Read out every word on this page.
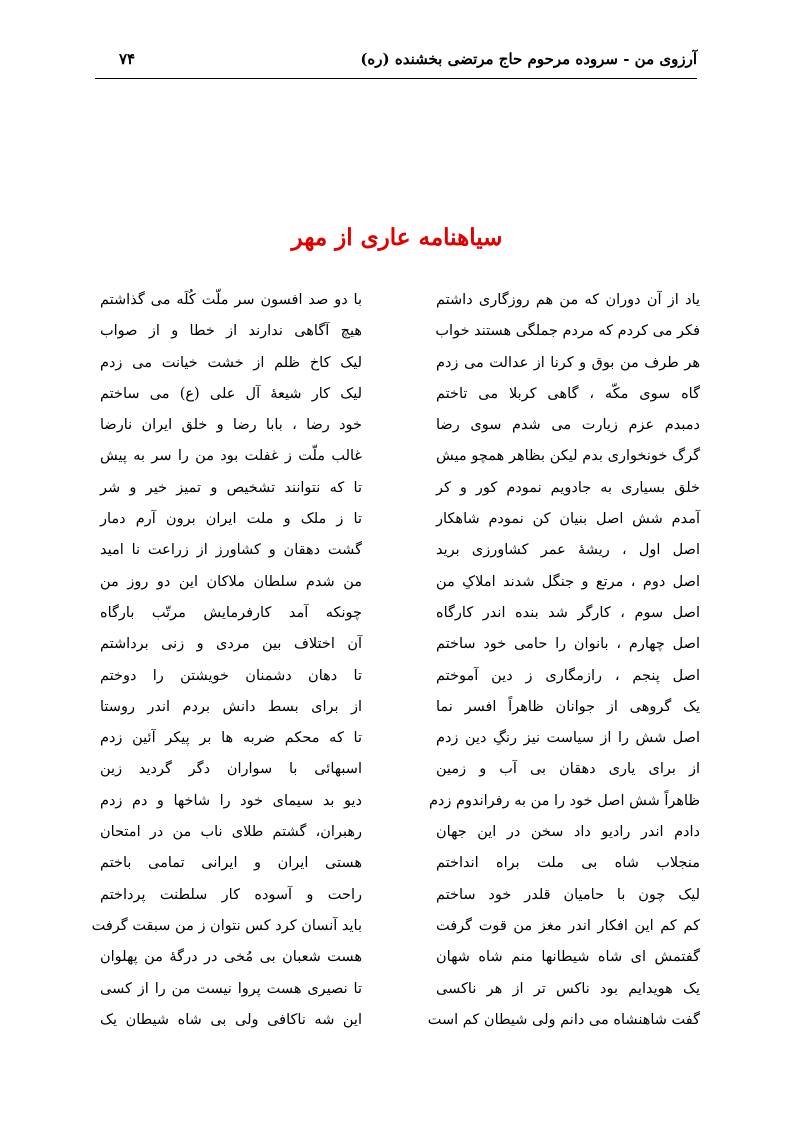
آرزوی من - سروده مرحوم حاج مرتضی بخشنده (ره)
۷۴
سیاهنامه عاری از مهر
یاد از آن دوران که من هم روزگاری داشتم
فکر می کردم که مردم جملگی هستند خواب
هر طرف من بوق و کرنا از عدالت می زدم
گاه سوی مکّه ، گاهی کربلا می تاختم
دمبدم عزم زیارت می شدم سوی رضا
گرگ خونخواری بدم لیکن بظاهر همچو میش
خلق بسیاری به جادویم نمودم کور و کر
آمدم شش اصل بنیان کن نمودم شاهکار
اصل اول ، ریشهٔ عمر کشاورزی برید
اصل دوم ، مرتع و جنگل شدند املاکِ من
اصل سوم ، کارگر شد بنده اندر کارگاه
اصل چهارم ، بانوان را حامی خود ساختم
اصل پنجم ، رازمگاری ز دین آموختم
یک گروهی از جوانان ظاهراً افسر نما
اصل شش را از سیاست نیز رنگِ دین زدم
از برای یاری دهقان بی آب و زمین
ظاهراً شش اصل خود را من به رفراندوم زدم
دادم اندر رادیو داد سخن در این جهان
منجلاب شاه بی ملت براه انداختم
لیک چون با حامیان قلدر خود ساختم
کم کم این افکار اندر مغز من قوت گرفت
گفتمش ای شاه شیطانها منم شاه شهان
یک هویدایم بود ناکس تر از هر ناکسی
گفت شاهنشاه می دانم ولی شیطان کم است
با دو صد افسون سر ملّت کُلَه می گذاشتم
هیچ آگاهی ندارند از خطا و از صواب
لیک کاخ ظلم از خشت خیانت می زدم
لیک کار شیعهٔ آل علی (ع) می ساختم
خود رضا ، بابا رضا و خلق ایران نارضا
غالب ملّت ز غفلت بود من را سر به پیش
تا که نتوانند تشخیص و تمیز خیر و شر
تا ز ملک و ملت ایران برون آرم دمار
گشت دهقان و کشاورز از زراعت نا امید
من شدم سلطان ملاکان این دو روز من
چونکه آمد کارفرمایش مرتّب بارگاه
آن اختلاف بین مردی و زنی برداشتم
تا دهان دشمنان خویشتن را دوختم
از برای بسط دانش بردم اندر روستا
تا که محکم ضربه ها بر پیکر آئین زدم
اسبهائی با سواران دگر گردید زین
دیو بد سیمای خود را شاخها و دم زدم
رهبران، گشتم طلای ناب من در امتحان
هستی ایران و ایرانی تمامی باختم
راحت و آسوده کار سلطنت پرداختم
باید آنسان کرد کس نتوان ز من سبقت گرفت
هست شعبان بی مُخی در درگهٔ من پهلوان
تا نصیری هست پروا نیست من را از کسی
این شه ناکافی ولی بی شاه شیطان یک
